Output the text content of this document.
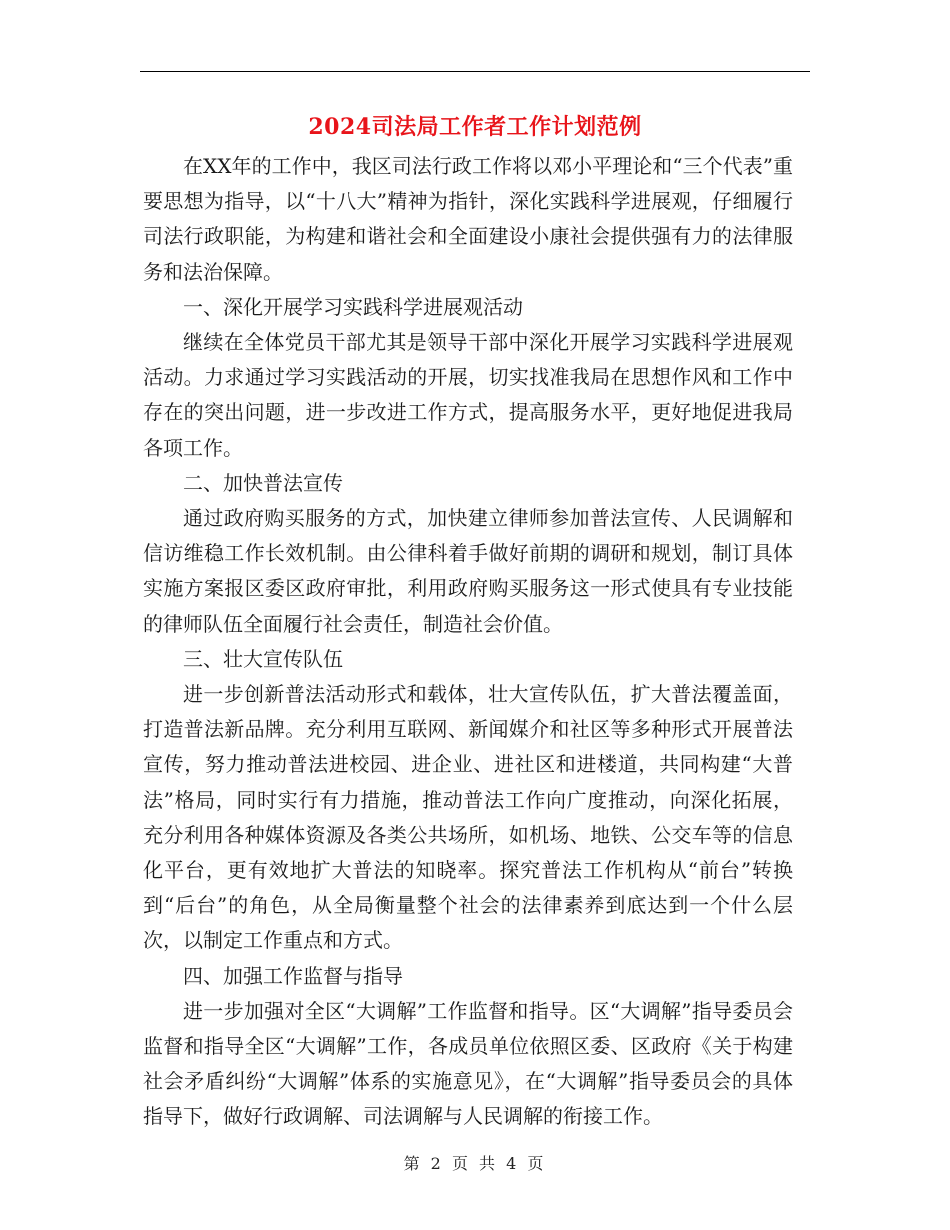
2024司法局工作者工作计划范例

在XX年的工作中，我区司法行政工作将以邓小平理论和“三个代表”重要思想为指导，以“十八大”精神为指针，深化实践科学进展观，仔细履行司法行政职能，为构建和谐社会和全面建设小康社会提供强有力的法律服务和法治保障。

一、深化开展学习实践科学进展观活动

继续在全体党员干部尤其是领导干部中深化开展学习实践科学进展观活动。力求通过学习实践活动的开展，切实找准我局在思想作风和工作中存在的突出问题，进一步改进工作方式，提高服务水平，更好地促进我局各项工作。

二、加快普法宣传

通过政府购买服务的方式，加快建立律师参加普法宣传、人民调解和信访维稳工作长效机制。由公律科着手做好前期的调研和规划，制订具体实施方案报区委区政府审批，利用政府购买服务这一形式使具有专业技能的律师队伍全面履行社会责任，制造社会价值。

三、壮大宣传队伍

进一步创新普法活动形式和载体，壮大宣传队伍，扩大普法覆盖面，打造普法新品牌。充分利用互联网、新闻媒介和社区等多种形式开展普法宣传，努力推动普法进校园、进企业、进社区和进楼道，共同构建“大普法”格局，同时实行有力措施，推动普法工作向广度推动，向深化拓展，充分利用各种媒体资源及各类公共场所，如机场、地铁、公交车等的信息化平台，更有效地扩大普法的知晓率。探究普法工作机构从“前台”转换到“后台”的角色，从全局衡量整个社会的法律素养到底达到一个什么层次，以制定工作重点和方式。

四、加强工作监督与指导

进一步加强对全区“大调解”工作监督和指导。区“大调解”指导委员会监督和指导全区“大调解”工作，各成员单位依照区委、区政府《关于构建社会矛盾纠纷“大调解”体系的实施意见》，在“大调解”指导委员会的具体指导下，做好行政调解、司法调解与人民调解的衔接工作。

第 2 页 共 4 页
